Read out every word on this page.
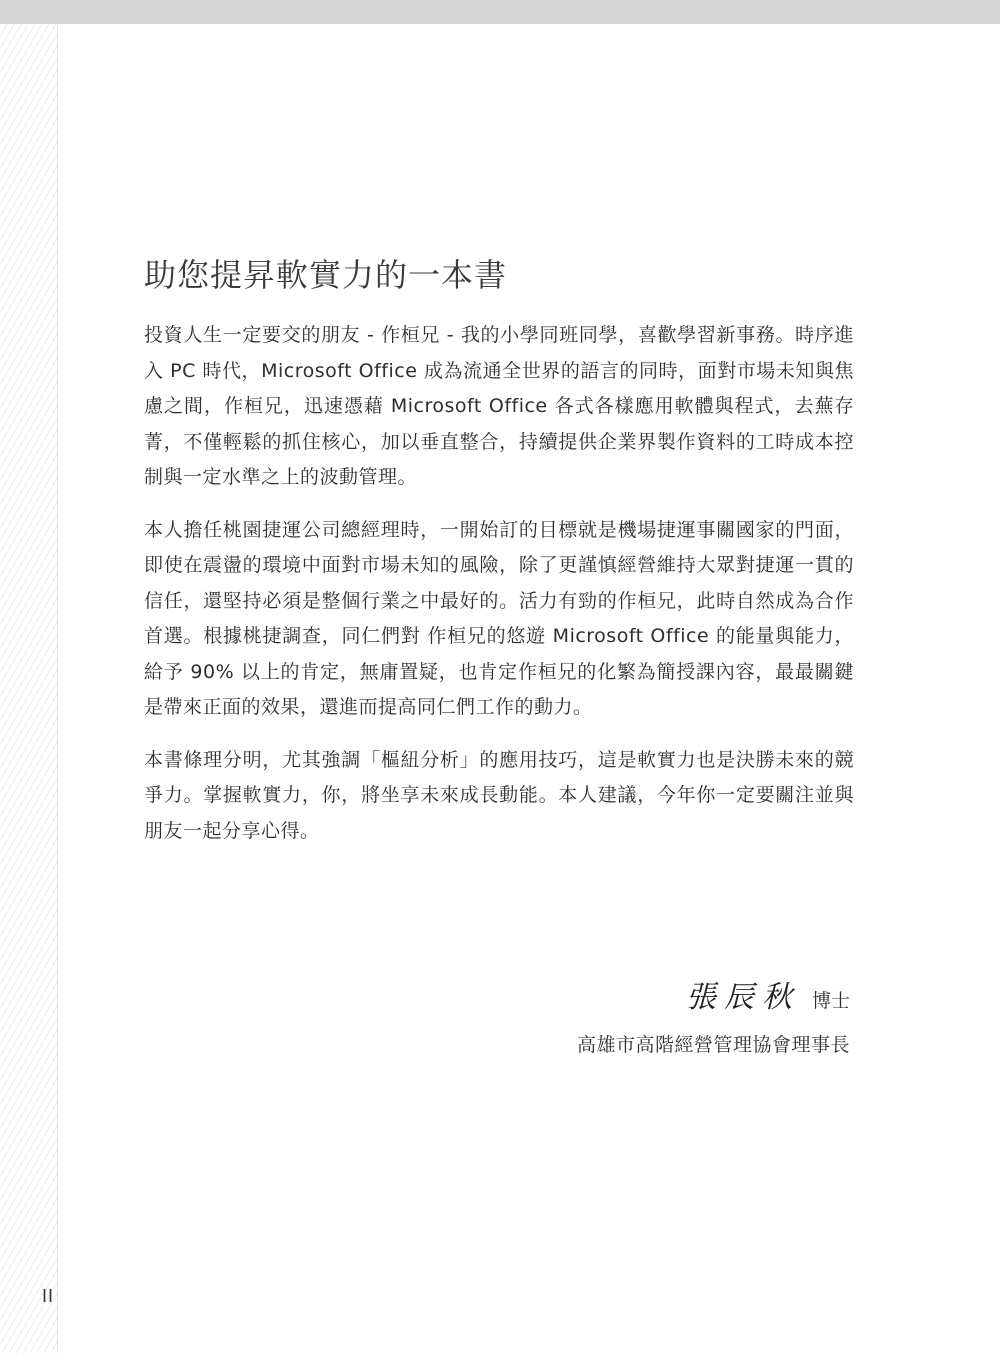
II
助您提昇軟實力的一本書

投資人生一定要交的朋友 - 作桓兄 - 我的小學同班同學，喜歡學習新事務。時序進入 PC 時代，Microsoft Office 成為流通全世界的語言的同時，面對市場未知與焦慮之間，作桓兄，迅速憑藉 Microsoft Office 各式各樣應用軟體與程式，去蕪存菁，不僅輕鬆的抓住核心，加以垂直整合，持續提供企業界製作資料的工時成本控制與一定水準之上的波動管理。

本人擔任桃園捷運公司總經理時，一開始訂的目標就是機場捷運事關國家的門面，即使在震盪的環境中面對市場未知的風險，除了更謹慎經營維持大眾對捷運一貫的信任，還堅持必須是整個行業之中最好的。活力有勁的作桓兄，此時自然成為合作首選。根據桃捷調查，同仁們對 作桓兄的悠遊 Microsoft Office 的能量與能力，給予 90% 以上的肯定，無庸置疑，也肯定作桓兄的化繁為簡授課內容，最最關鍵是帶來正面的效果，還進而提高同仁們工作的動力。

本書條理分明，尤其強調「樞紐分析」的應用技巧，這是軟實力也是決勝未來的競爭力。掌握軟實力，你，將坐享未來成長動能。本人建議，今年你一定要關注並與朋友一起分享心得。

張辰秋 博士
高雄市高階經營管理協會理事長
